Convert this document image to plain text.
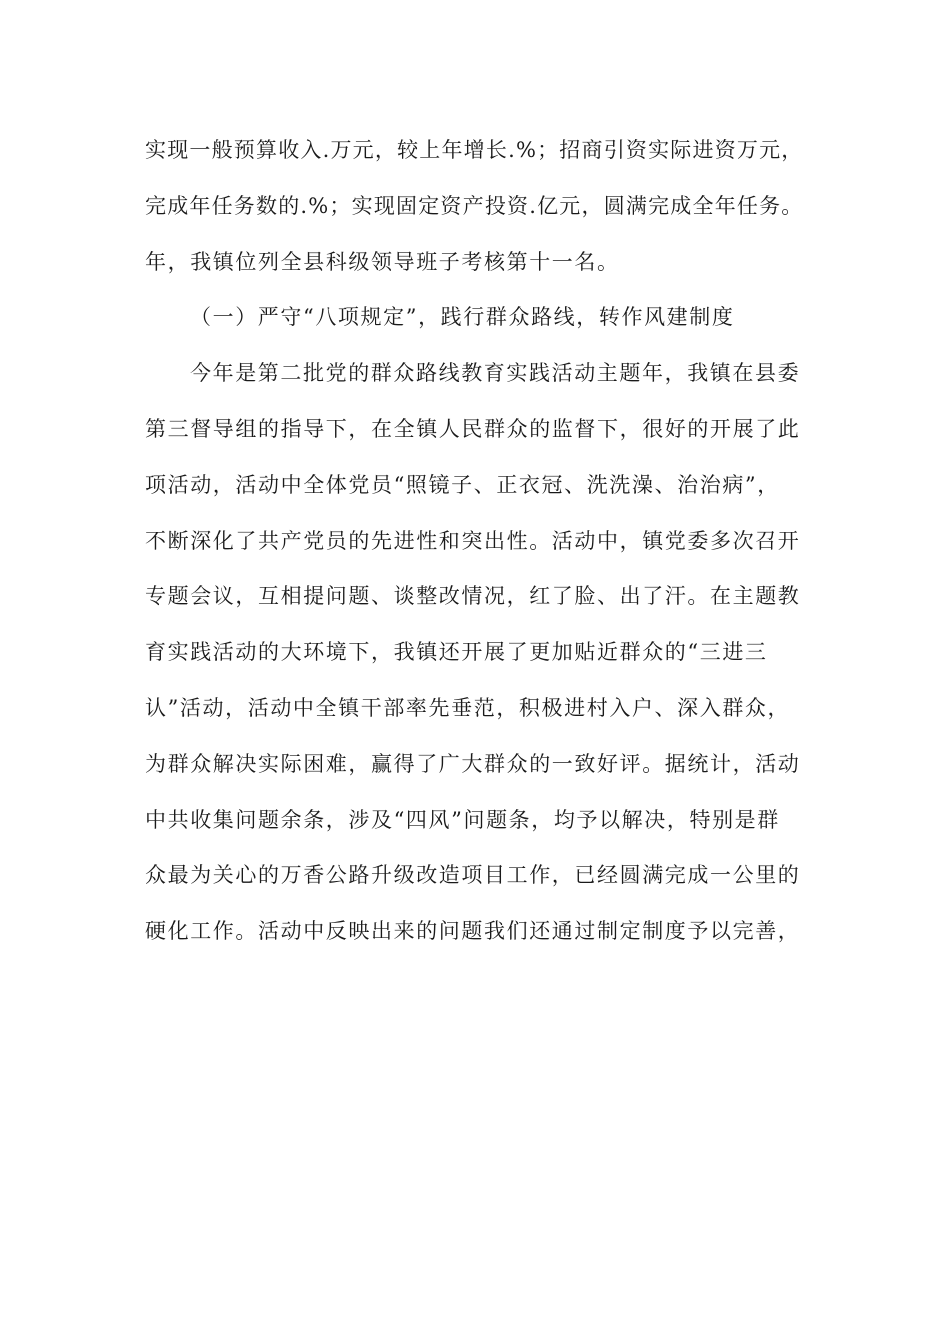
实现一般预算收入.万元，较上年增长.%；招商引资实际进资万元，
完成年任务数的.%；实现固定资产投资.亿元，圆满完成全年任务。
年，我镇位列全县科级领导班子考核第十一名。
（一）严守“八项规定”，践行群众路线，转作风建制度
今年是第二批党的群众路线教育实践活动主题年，我镇在县委
第三督导组的指导下，在全镇人民群众的监督下，很好的开展了此
项活动，活动中全体党员“照镜子、正衣冠、洗洗澡、治治病”，
不断深化了共产党员的先进性和突出性。活动中，镇党委多次召开
专题会议，互相提问题、谈整改情况，红了脸、出了汗。在主题教
育实践活动的大环境下，我镇还开展了更加贴近群众的“三进三
认”活动，活动中全镇干部率先垂范，积极进村入户、深入群众，
为群众解决实际困难，赢得了广大群众的一致好评。据统计，活动
中共收集问题余条，涉及“四风”问题条，均予以解决，特别是群
众最为关心的万香公路升级改造项目工作，已经圆满完成一公里的
硬化工作。活动中反映出来的问题我们还通过制定制度予以完善，
